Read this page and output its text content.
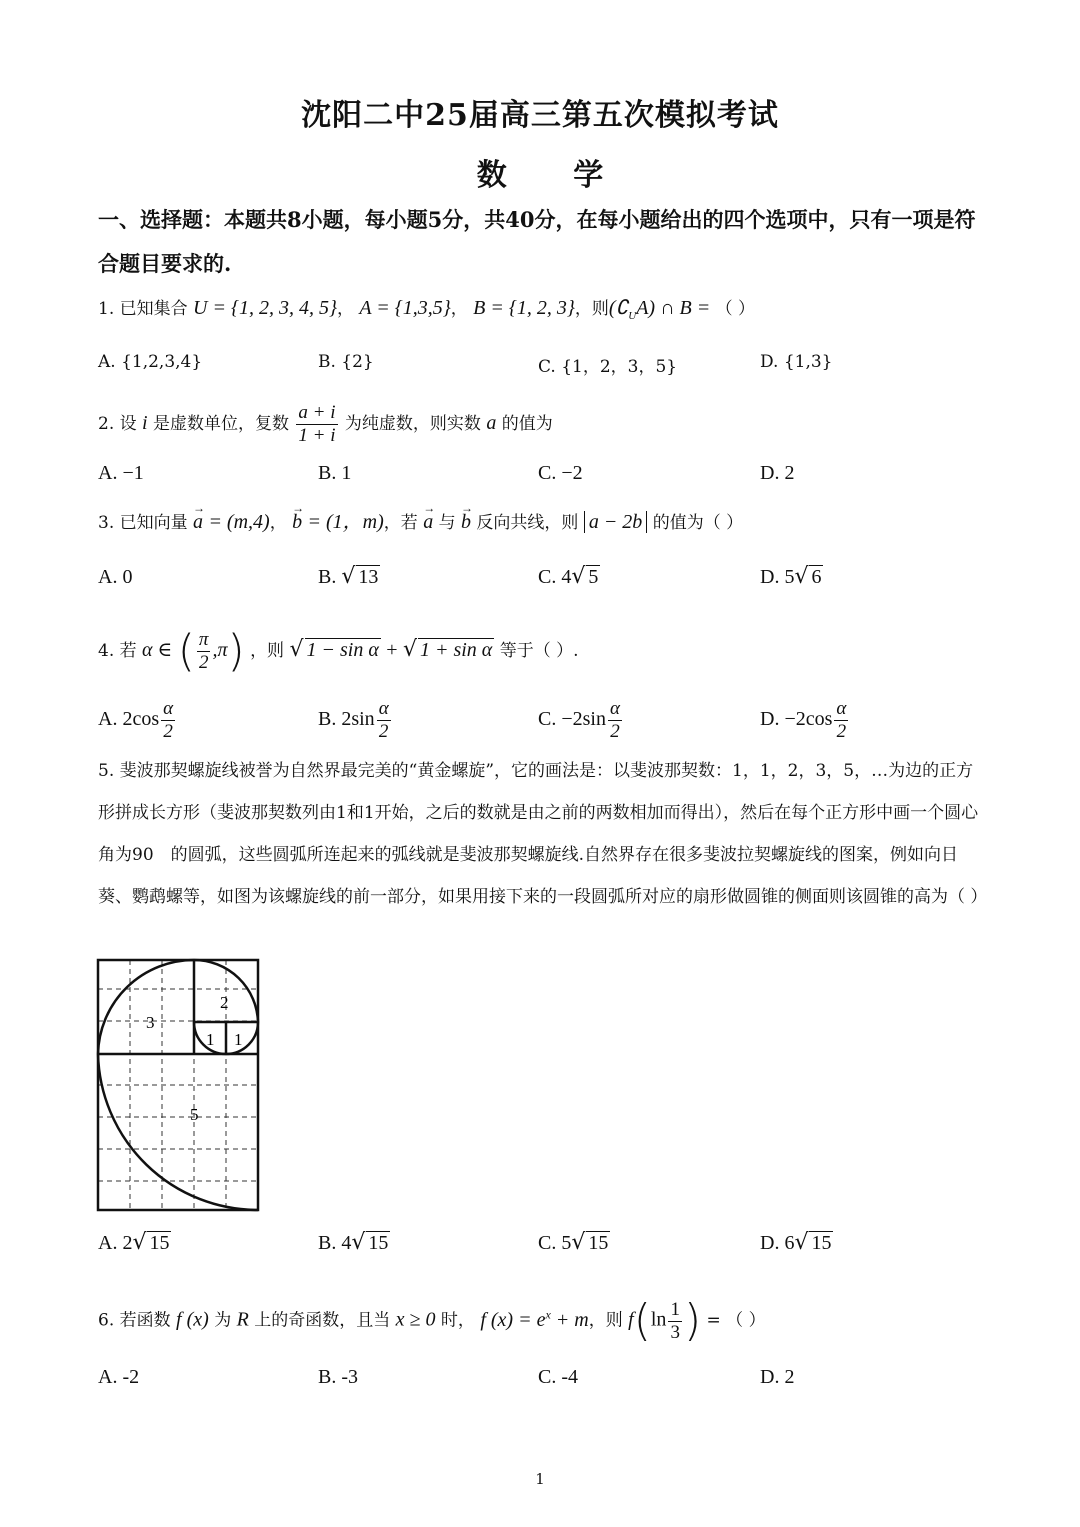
沈阳二中25届高三第五次模拟考试
数 学
一、选择题：本题共8小题，每小题5分，共40分，在每小题给出的四个选项中，只有一项是符合题目要求的.
1. 已知集合 U = {1, 2, 3, 4, 5}， A = {1,3,5}， B = {1, 2, 3}，则$(∁_UA)$ ∩ B = （ ）
A. {1,2,3,4}	B. {2}	C. {1，2，3，5}	D. {1,3}
2. 设 i 是虚数单位，复数 $\frac{a + i}{1 + i}$ 为纯虚数，则实数 a 的值为
A. −1	B. 1	C. −2	D. 2
3. 已知向量 → a = (m,4)， → b = (1，m)，若 → a 与 → b 反向共线，则 a − 2b 的值为（ ）
A. 0	B. √ 13	C. 4√ 5	D. 5√ 6
4. 若 α ∈ ( $\frac{\pi}{2} ,\pi$) ，则 √ 1 − sin α + √ 1 + sin α 等于（ ）.
A. $2\cos \frac{\alpha}{2}$	B. $2\sin \frac{\alpha}{2}$	C. $-2\sin \frac{\alpha}{2}$	D. $-2\cos \frac{\alpha}{2}$
5. 斐波那契螺旋线被誉为自然界最完美的“黄金螺旋”，它的画法是：以斐波那契数：1，1，2，3，5，…为边的正方形拼成长方形（斐波那契数列由1和1开始，之后的数就是由之前的两数相加而得出），然后在每个正方形中画一个圆心角为90　的圆弧，这些圆弧所连起来的弧线就是斐波那契螺旋线.自然界存在很多斐波拉契螺旋线的图案，例如向日葵、鹦鹉螺等，如图为该螺旋线的前一部分，如果用接下来的一段圆弧所对应的扇形做圆锥的侧面则该圆锥的高为（ ）
3
2
1 1
5
A. 2√ 15	B. 4√ 15	C. 5√ 15	D. 6√ 15
6. 若函数 f (x) 为 R 上的奇函数，且当 x ≥ 0 时， f $(x) = e^x + m$，则 $f(\ln \frac{1}{3}$ ) = （ ）
A. -2	B. -3	C. -4	D. 2
1
